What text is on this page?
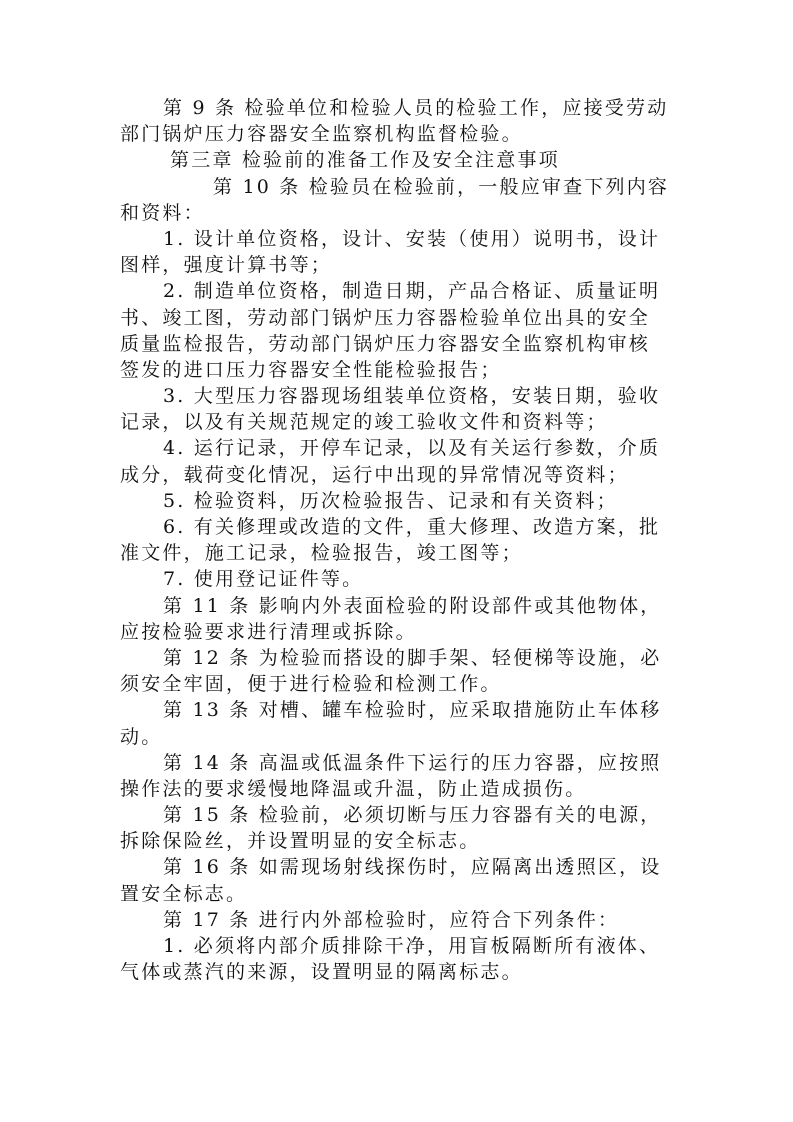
第 9 条 检验单位和检验人员的检验工作，应接受劳动
部门锅炉压力容器安全监察机构监督检验。
第三章 检验前的准备工作及安全注意事项
第 10 条 检验员在检验前，一般应审查下列内容
和资料：
1. 设计单位资格，设计、安装（使用）说明书，设计
图样，强度计算书等；
2. 制造单位资格，制造日期，产品合格证、质量证明
书、竣工图，劳动部门锅炉压力容器检验单位出具的安全
质量监检报告，劳动部门锅炉压力容器安全监察机构审核
签发的进口压力容器安全性能检验报告；
3. 大型压力容器现场组装单位资格，安装日期，验收
记录，以及有关规范规定的竣工验收文件和资料等；
4. 运行记录，开停车记录，以及有关运行参数，介质
成分，载荷变化情况，运行中出现的异常情况等资料；
5. 检验资料，历次检验报告、记录和有关资料；
6. 有关修理或改造的文件，重大修理、改造方案，批
准文件，施工记录，检验报告，竣工图等；
7. 使用登记证件等。
第 11 条 影响内外表面检验的附设部件或其他物体，
应按检验要求进行清理或拆除。
第 12 条 为检验而搭设的脚手架、轻便梯等设施，必
须安全牢固，便于进行检验和检测工作。
第 13 条 对槽、罐车检验时，应采取措施防止车体移
动。
第 14 条 高温或低温条件下运行的压力容器，应按照
操作法的要求缓慢地降温或升温，防止造成损伤。
第 15 条 检验前，必须切断与压力容器有关的电源，
拆除保险丝，并设置明显的安全标志。
第 16 条 如需现场射线探伤时，应隔离出透照区，设
置安全标志。
第 17 条 进行内外部检验时，应符合下列条件：
1. 必须将内部介质排除干净，用盲板隔断所有液体、
气体或蒸汽的来源，设置明显的隔离标志。
